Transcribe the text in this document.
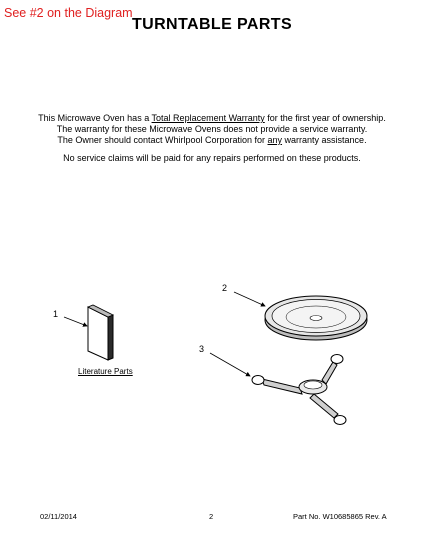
See #2 on the Diagram
TURNTABLE PARTS
This Microwave Oven has a Total Replacement Warranty for the first year of ownership.
The warranty for these Microwave Ovens does not provide a service warranty.
The Owner should contact Whirlpool Corporation for any warranty assistance.
No service claims will be paid for any repairs performed on these products.
1
2
3
Literature Parts
02/11/2014	2	Part No. W10685865 Rev. A
